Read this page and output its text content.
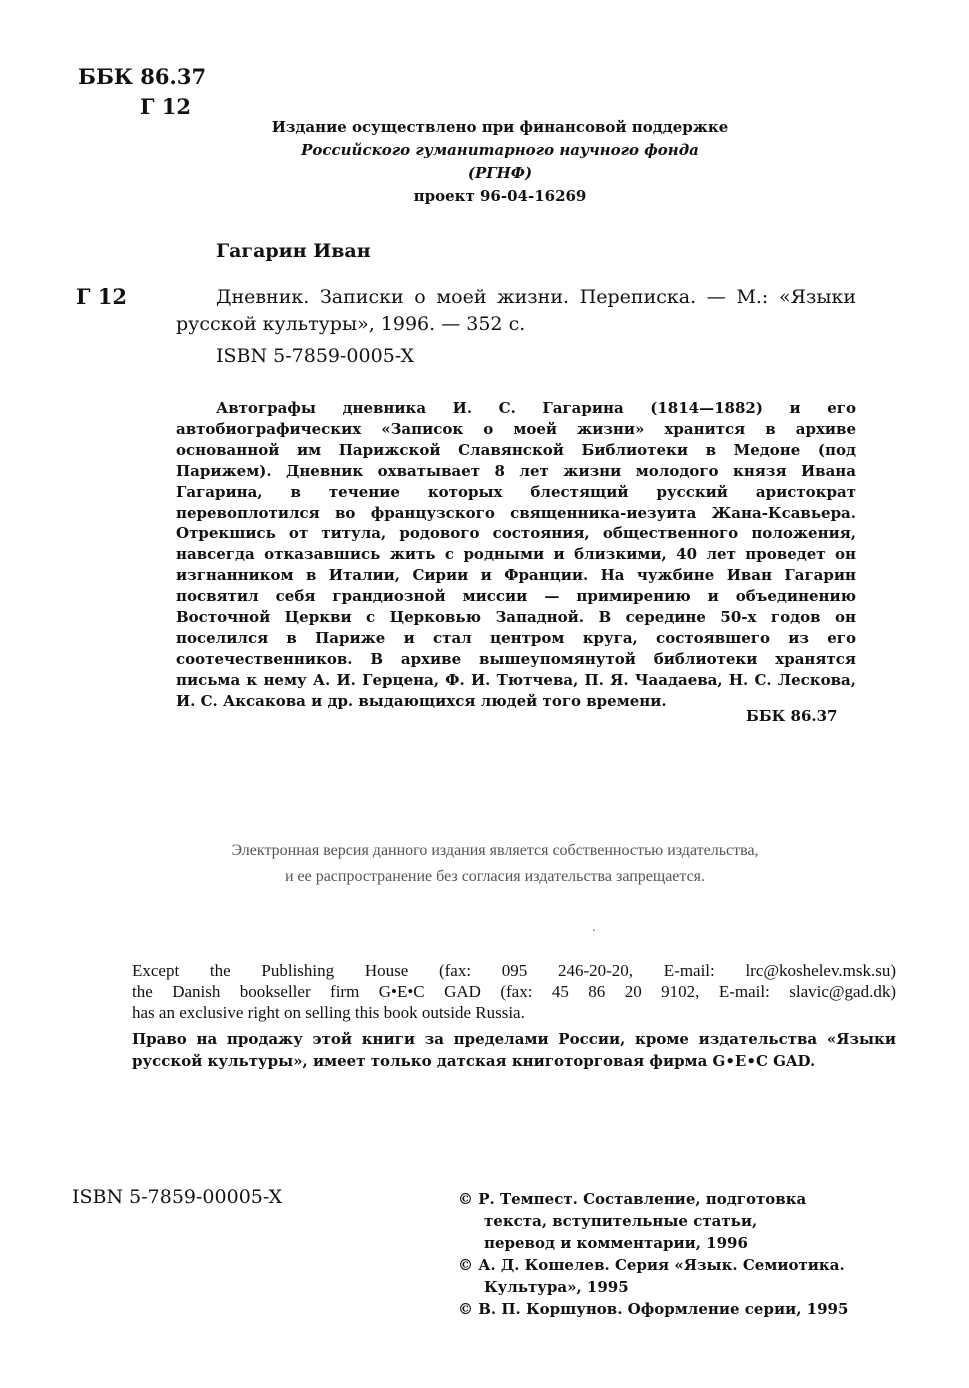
ББК 86.37
Г 12
Издание осуществлено при финансовой поддержке
Российского гуманитарного научного фонда
(РГНФ)
проект 96-04-16269
Гагарин Иван
Г 12	Дневник. Записки о моей жизни. Переписка. — М.: «Языки русской культуры», 1996. — 352 с.
ISBN 5-7859-0005-X
Автографы дневника И. С. Гагарина (1814—1882) и его автобиографических «Записок о моей жизни» хранится в архиве основанной им Парижской Славянской Библиотеки в Медоне (под Парижем). Дневник охватывает 8 лет жизни молодого князя Ивана Гагарина, в течение которых блестящий русский аристократ перевоплотился во французского священника-иезуита Жана-Ксавьера. Отрекшись от титула, родового состояния, общественного положения, навсегда отказавшись жить с родными и близкими, 40 лет проведет он изгнанником в Италии, Сирии и Франции. На чужбине Иван Гагарин посвятил себя грандиозной миссии — примирению и объединению Восточной Церкви с Церковью Западной. В середине 50-х годов он поселился в Париже и стал центром круга, состоявшего из его соотечественников. В архиве вышеупомянутой библиотеки хранятся письма к нему А. И. Герцена, Ф. И. Тютчева, П. Я. Чаадаева, Н. С. Лескова, И. С. Аксакова и др. выдающихся людей того времени.
ББК 86.37
Электронная версия данного издания является собственностью издательства,
и ее распространение без согласия издательства запрещается.
.

Except the Publishing House (fax: 095 246-20-20, E-mail: lrc@koshelev.msk.su)

the Danish bookseller firm G•E•C GAD (fax: 45 86 20 9102, E-mail: slavic@gad.dk)

has an exclusive right on selling this book outside Russia.

Право на продажу этой книги за пределами России, кроме издательства «Языки русской культуры», имеет только датская книготорговая фирма G•E•C GAD.
ISBN 5-7859-00005-X	© Р. Темпест. Составление, подготовка

текста, вступительные статьи,

перевод и комментарии, 1996

© А. Д. Кошелев. Серия «Язык. Семиотика.

Культура», 1995

© В. П. Коршунов. Оформление серии, 1995
